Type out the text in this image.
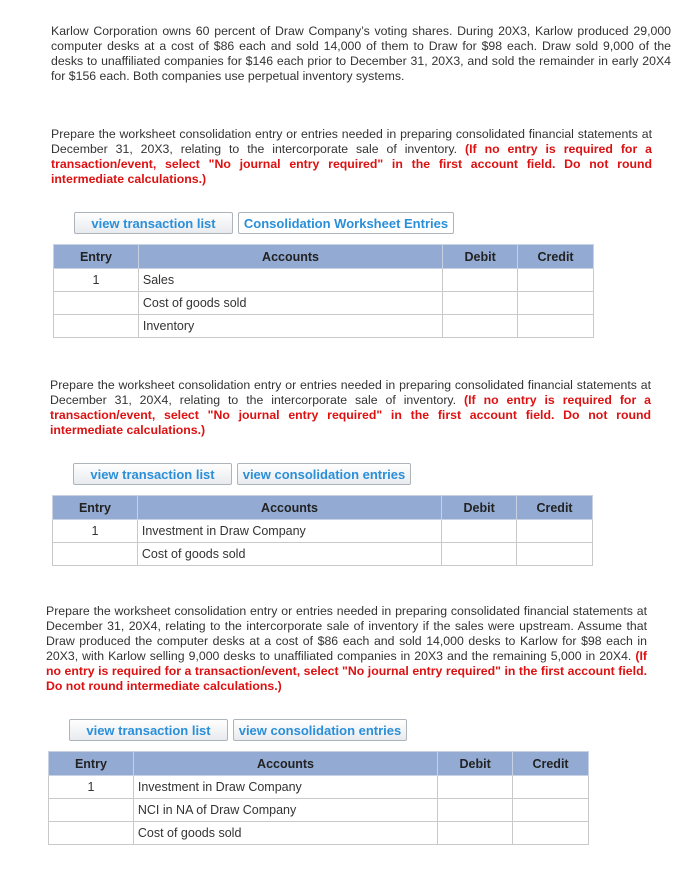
Karlow Corporation owns 60 percent of Draw Company’s voting shares. During 20X3, Karlow produced 29,000 computer desks at a cost of $86 each and sold 14,000 of them to Draw for $98 each. Draw sold 9,000 of the desks to unaffiliated companies for $146 each prior to December 31, 20X3, and sold the remainder in early 20X4 for $156 each. Both companies use perpetual inventory systems.

Prepare the worksheet consolidation entry or entries needed in preparing consolidated financial statements at December 31, 20X3, relating to the intercorporate sale of inventory. (If no entry is required for a transaction/event, select "No journal entry required" in the first account field. Do not round intermediate calculations.)

view transaction list	Consolidation Worksheet Entries
Entry	Accounts	Debit	Credit
1	Sales		
	Cost of goods sold		
	Inventory		

Prepare the worksheet consolidation entry or entries needed in preparing consolidated financial statements at December 31, 20X4, relating to the intercorporate sale of inventory. (If no entry is required for a transaction/event, select "No journal entry required" in the first account field. Do not round intermediate calculations.)

view transaction list	view consolidation entries
Entry	Accounts	Debit	Credit
1	Investment in Draw Company		
	Cost of goods sold		

Prepare the worksheet consolidation entry or entries needed in preparing consolidated financial statements at December 31, 20X4, relating to the intercorporate sale of inventory if the sales were upstream. Assume that Draw produced the computer desks at a cost of $86 each and sold 14,000 desks to Karlow for $98 each in 20X3, with Karlow selling 9,000 desks to unaffiliated companies in 20X3 and the remaining 5,000 in 20X4. (If no entry is required for a transaction/event, select "No journal entry required" in the first account field. Do not round intermediate calculations.)

view transaction list	view consolidation entries
Entry	Accounts	Debit	Credit
1	Investment in Draw Company		
	NCI in NA of Draw Company		
	Cost of goods sold		
